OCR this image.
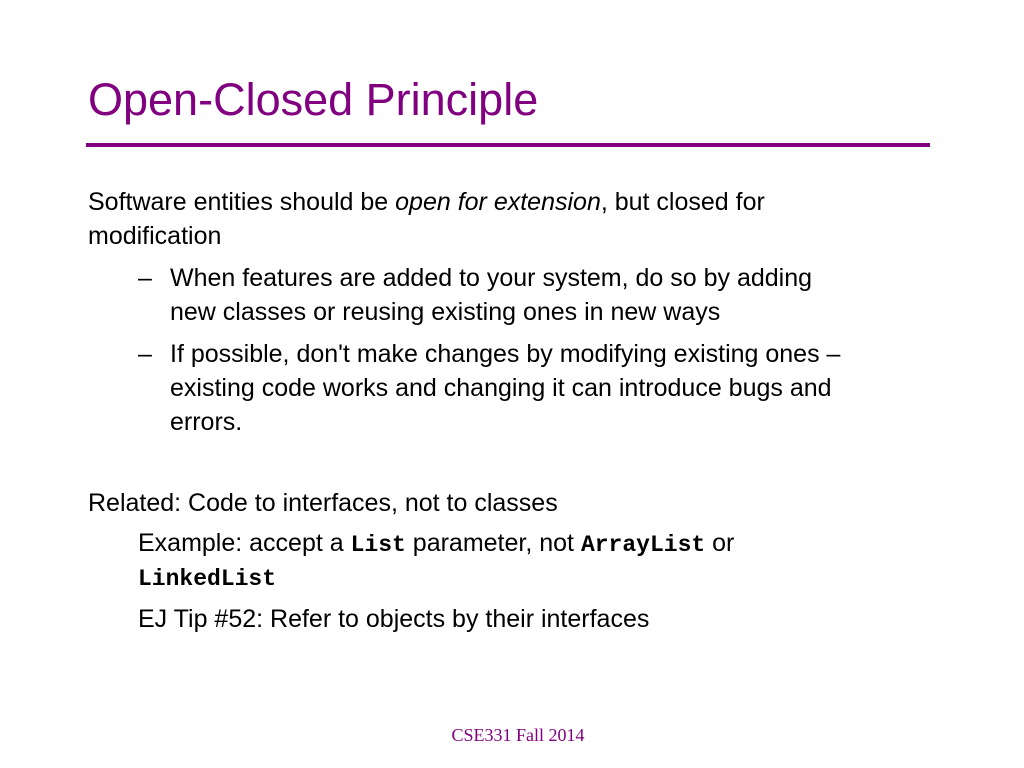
Open-Closed Principle
Software entities should be open for extension, but closed for
modification
– When features are added to your system, do so by adding
new classes or reusing existing ones in new ways
– If possible, don't make changes by modifying existing ones –
existing code works and changing it can introduce bugs and
errors.
Related: Code to interfaces, not to classes
Example: accept a List parameter, not ArrayList or
LinkedList
EJ Tip #52: Refer to objects by their interfaces
CSE331 Fall 2014
